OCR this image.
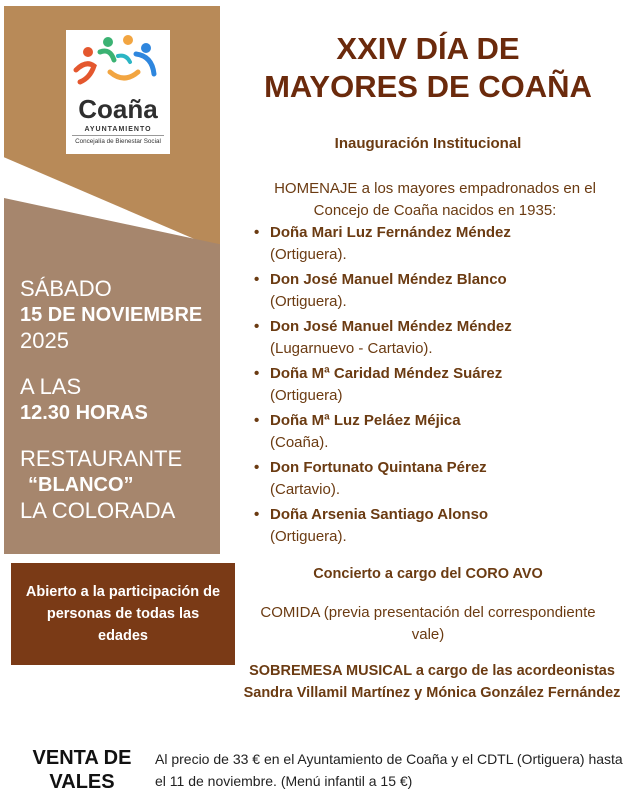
Coaña
AYUNTAMIENTO
Concejalía de Bienestar Social

SÁBADO

15 DE NOVIEMBRE

2025

A LAS

12.30 HORAS

RESTAURANTE

“BLANCO”

LA COLORADA

Abierto a la participación de personas de todas las edades
XXIV DÍA DE
MAYORES DE COAÑA
Inauguración Institucional
HOMENAJE a los mayores empadronados en el Concejo de Coaña nacidos en 1935:
• Doña Mari Luz Fernández Méndez
(Ortiguera).
• Don José Manuel Méndez Blanco
(Ortiguera).
• Don José Manuel Méndez Méndez
(Lugarnuevo - Cartavio).
• Doña Mª Caridad Méndez Suárez
(Ortiguera)
• Doña Mª Luz Peláez Méjica
(Coaña).
• Don Fortunato Quintana Pérez
(Cartavio).
• Doña Arsenia Santiago Alonso
(Ortiguera).
Concierto a cargo del CORO AVO
COMIDA (previa presentación del correspondiente vale)
SOBREMESA MUSICAL a cargo de las acordeonistas Sandra Villamil Martínez y Mónica González Fernández
VENTA DE VALES
Al precio de 33 € en el Ayuntamiento de Coaña y el CDTL (Ortiguera) hasta el 11 de noviembre. (Menú infantil a 15 €)
